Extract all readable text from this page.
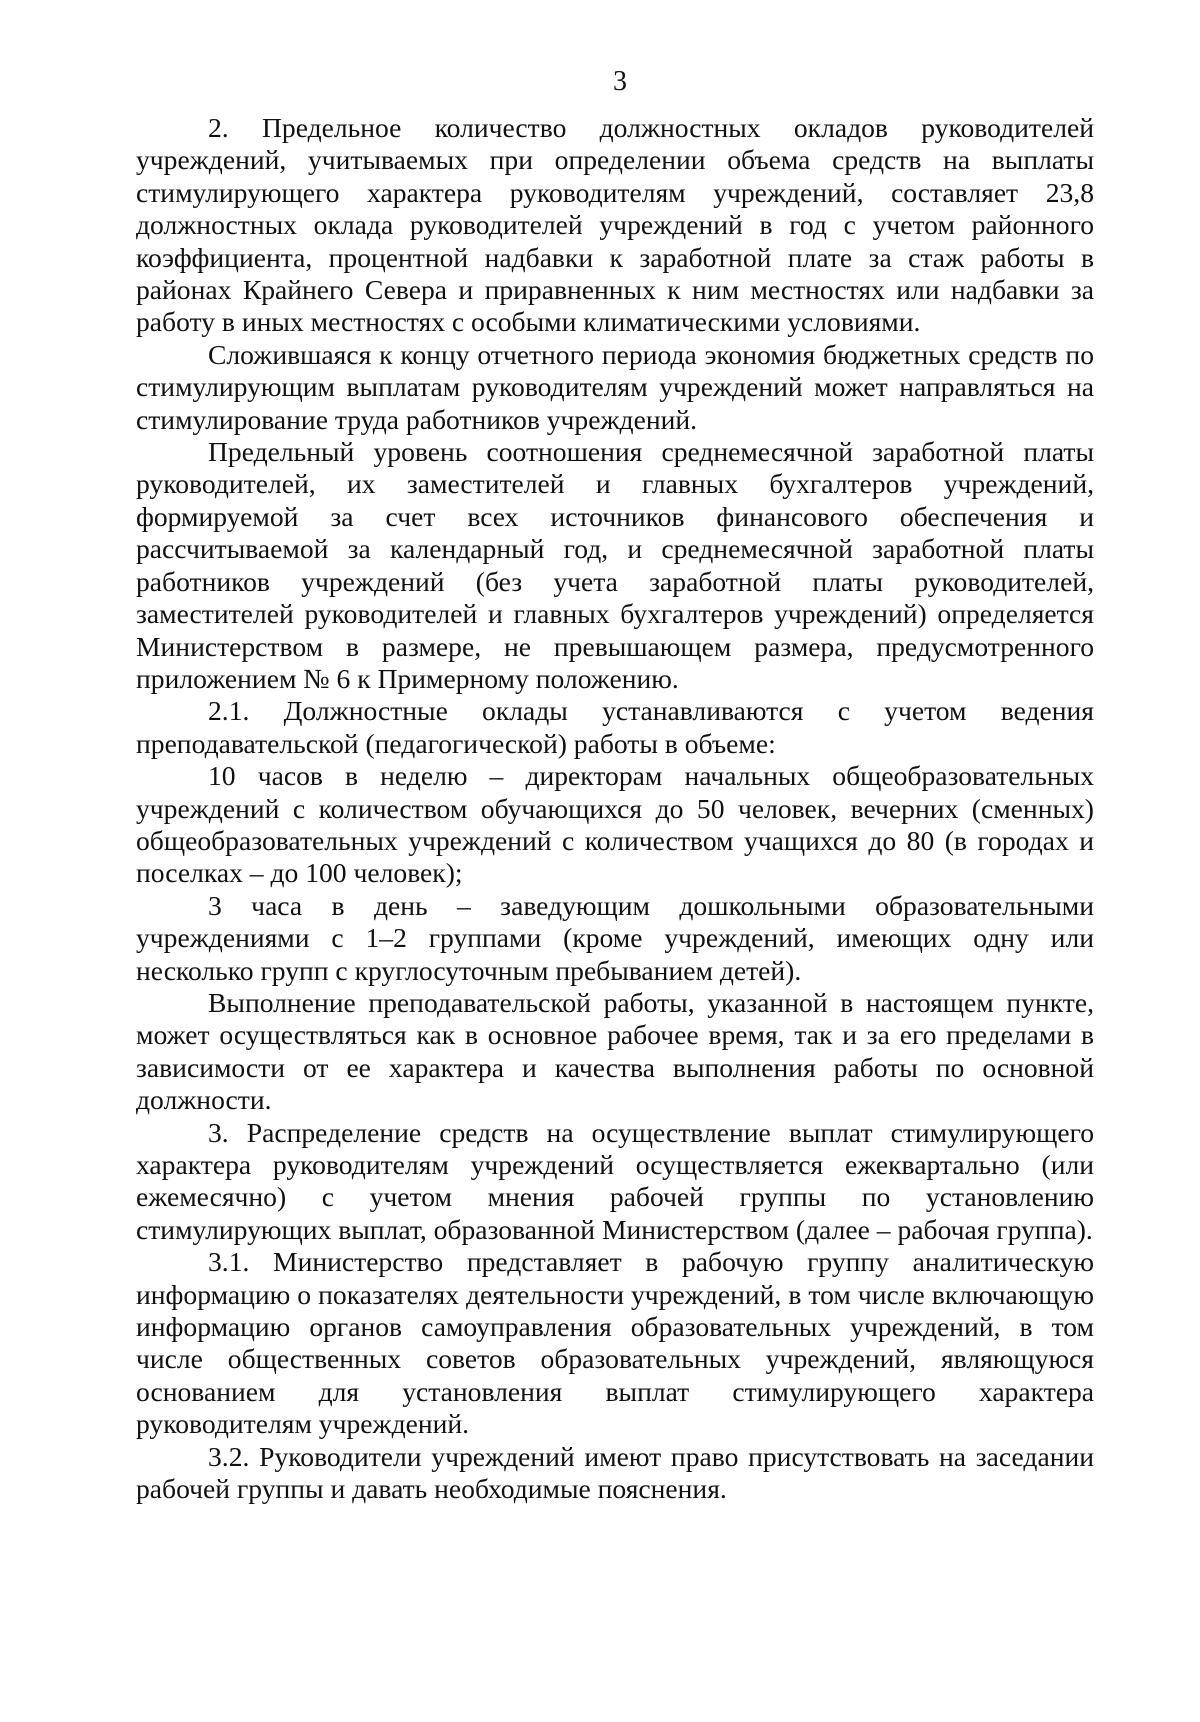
3

2. Предельное количество должностных окладов руководителей учреждений, учитываемых при определении объема средств на выплаты стимулирующего характера руководителям учреждений, составляет 23,8 должностных оклада руководителей учреждений в год с учетом районного коэффициента, процентной надбавки к заработной плате за стаж работы в районах Крайнего Севера и приравненных к ним местностях или надбавки за работу в иных местностях с особыми климатическими условиями.

Сложившаяся к концу отчетного периода экономия бюджетных средств по стимулирующим выплатам руководителям учреждений может направляться на стимулирование труда работников учреждений.

Предельный уровень соотношения среднемесячной заработной платы руководителей, их заместителей и главных бухгалтеров учреждений, формируемой за счет всех источников финансового обеспечения и рассчитываемой за календарный год, и среднемесячной заработной платы работников учреждений (без учета заработной платы руководителей, заместителей руководителей и главных бухгалтеров учреждений) определяется Министерством в размере, не превышающем размера, предусмотренного приложением № 6 к Примерному положению.

2.1. Должностные оклады устанавливаются с учетом ведения преподавательской (педагогической) работы в объеме:

10 часов в неделю – директорам начальных общеобразовательных учреждений с количеством обучающихся до 50 человек, вечерних (сменных) общеобразовательных учреждений с количеством учащихся до 80 (в городах и поселках – до 100 человек);

3 часа в день – заведующим дошкольными образовательными учреждениями с 1–2 группами (кроме учреждений, имеющих одну или несколько групп с круглосуточным пребыванием детей).

Выполнение преподавательской работы, указанной в настоящем пункте, может осуществляться как в основное рабочее время, так и за его пределами в зависимости от ее характера и качества выполнения работы по основной должности.

3. Распределение средств на осуществление выплат стимулирующего характера руководителям учреждений осуществляется ежеквартально (или ежемесячно) с учетом мнения рабочей группы по установлению стимулирующих выплат, образованной Министерством (далее – рабочая группа).

3.1. Министерство представляет в рабочую группу аналитическую информацию о показателях деятельности учреждений, в том числе включающую информацию органов самоуправления образовательных учреждений, в том числе общественных советов образовательных учреждений, являющуюся основанием для установления выплат стимулирующего характера руководителям учреждений.

3.2. Руководители учреждений имеют право присутствовать на заседании рабочей группы и давать необходимые пояснения.
